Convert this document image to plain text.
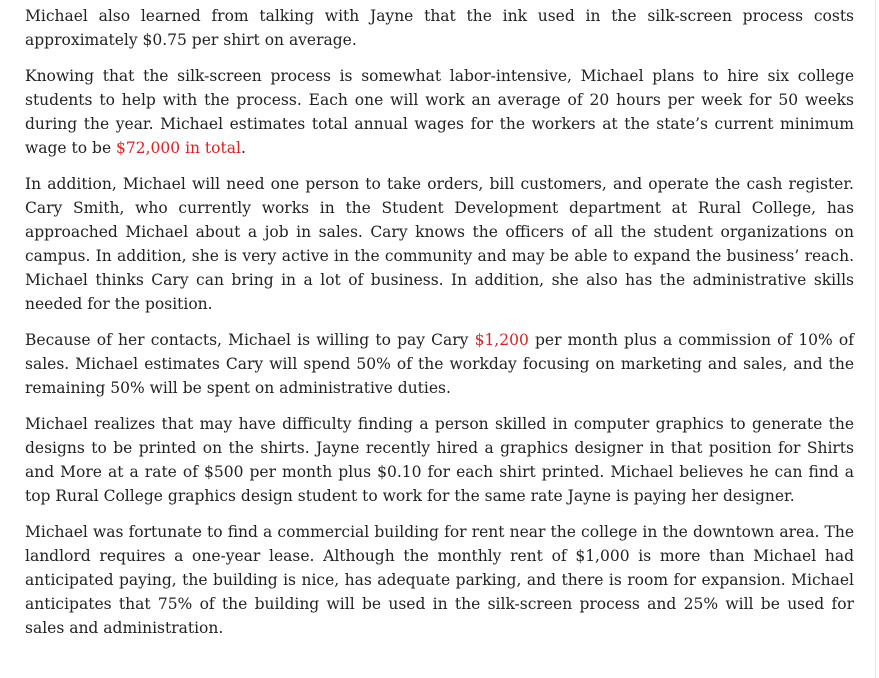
Michael also learned from talking with Jayne that the ink used in the silk-screen process costs approximately $0.75 per shirt on average.

Knowing that the silk-screen process is somewhat labor-intensive, Michael plans to hire six college students to help with the process. Each one will work an average of 20 hours per week for 50 weeks during the year. Michael estimates total annual wages for the workers at the state’s current minimum wage to be $72,000 in total.

In addition, Michael will need one person to take orders, bill customers, and operate the cash register. Cary Smith, who currently works in the Student Development department at Rural College, has approached Michael about a job in sales. Cary knows the officers of all the student organizations on campus. In addition, she is very active in the community and may be able to expand the business’ reach. Michael thinks Cary can bring in a lot of business. In addition, she also has the administrative skills needed for the position.

Because of her contacts, Michael is willing to pay Cary $1,200 per month plus a commission of 10% of sales. Michael estimates Cary will spend 50% of the workday focusing on marketing and sales, and the remaining 50% will be spent on administrative duties.

Michael realizes that may have difficulty finding a person skilled in computer graphics to generate the designs to be printed on the shirts. Jayne recently hired a graphics designer in that position for Shirts and More at a rate of $500 per month plus $0.10 for each shirt printed. Michael believes he can find a top Rural College graphics design student to work for the same rate Jayne is paying her designer.

Michael was fortunate to find a commercial building for rent near the college in the downtown area. The landlord requires a one-year lease. Although the monthly rent of $1,000 is more than Michael had anticipated paying, the building is nice, has adequate parking, and there is room for expansion. Michael anticipates that 75% of the building will be used in the silk-screen process and 25% will be used for sales and administration.
